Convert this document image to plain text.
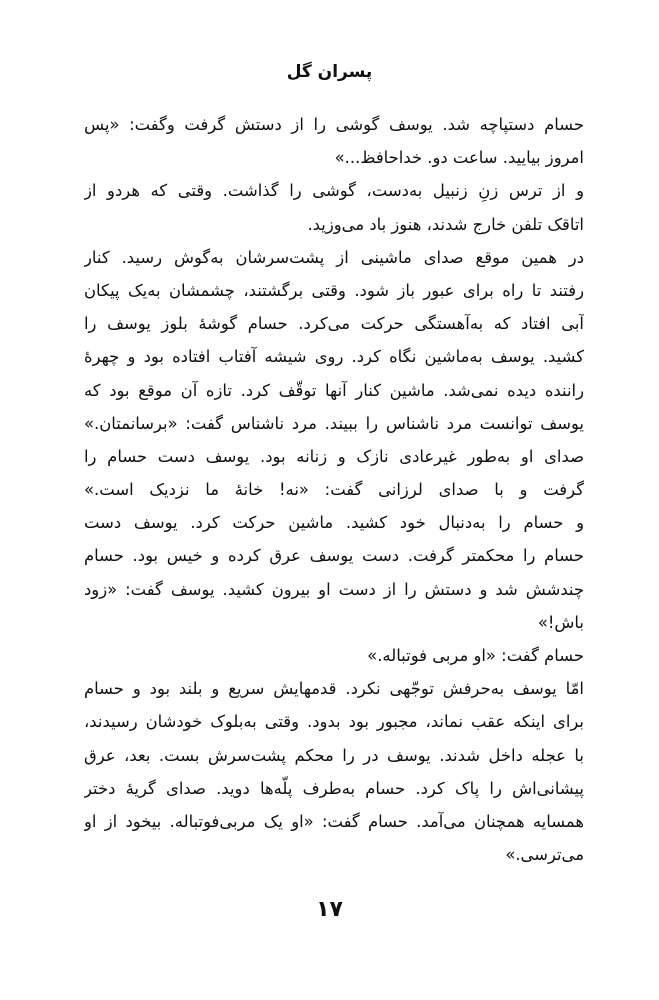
پسران گل
حسام دستپاچه شد. یوسف گوشی را از دستش گرفت وگفت: «پس
امروز بیایید. ساعت دو. خداحافظ...»
و از ترس زنِ زنبیل به‌دست، گوشی را گذاشت. وقتی که هردو از
اتاقک تلفن خارج شدند، هنوز باد می‌وزید.
در همین موقع صدای ماشینی از پشت‌سرشان به‌گوش رسید. کنار
رفتند تا راه برای عبور باز شود. وقتی برگشتند، چشمشان به‌یک پیکان
آبی افتاد که به‌آهستگی حرکت می‌کرد. حسام گوشهٔ بلوز یوسف را
کشید. یوسف به‌ماشین نگاه کرد. روی شیشه آفتاب افتاده بود و چهرهٔ
راننده دیده نمی‌شد. ماشین کنار آنها توقّف کرد. تازه آن موقع بود که
یوسف توانست مرد ناشناس را ببیند. مرد ناشناس گفت: «برسانمتان.»
صدای او به‌طور غیرعادی نازک و زنانه بود. یوسف دست حسام را
گرفت و با صدای لرزانی گفت: «نه! خانهٔ ما نزدیک است.»
و حسام را به‌دنبال خود کشید. ماشین حرکت کرد. یوسف دست
حسام را محکمتر گرفت. دست یوسف عرق کرده و خیس بود. حسام
چندشش شد و دستش را از دست او بیرون کشید. یوسف گفت: «زود
باش!»
حسام گفت: «او مربی فوتباله.»
امّا یوسف به‌حرفش توجّهی نکرد. قدمهایش سریع و بلند بود و حسام
برای اینکه عقب نماند، مجبور بود بدود. وقتی به‌بلوک خودشان رسیدند،
با عجله داخل شدند. یوسف در را محکم پشت‌سرش بست. بعد، عرق
پیشانی‌اش را پاک کرد. حسام به‌طرف پلّه‌ها دوید. صدای گریهٔ دختر
همسایه همچنان می‌آمد. حسام گفت: «او یک مربی‌فوتباله. بیخود از او
می‌ترسی.»
۱۷
